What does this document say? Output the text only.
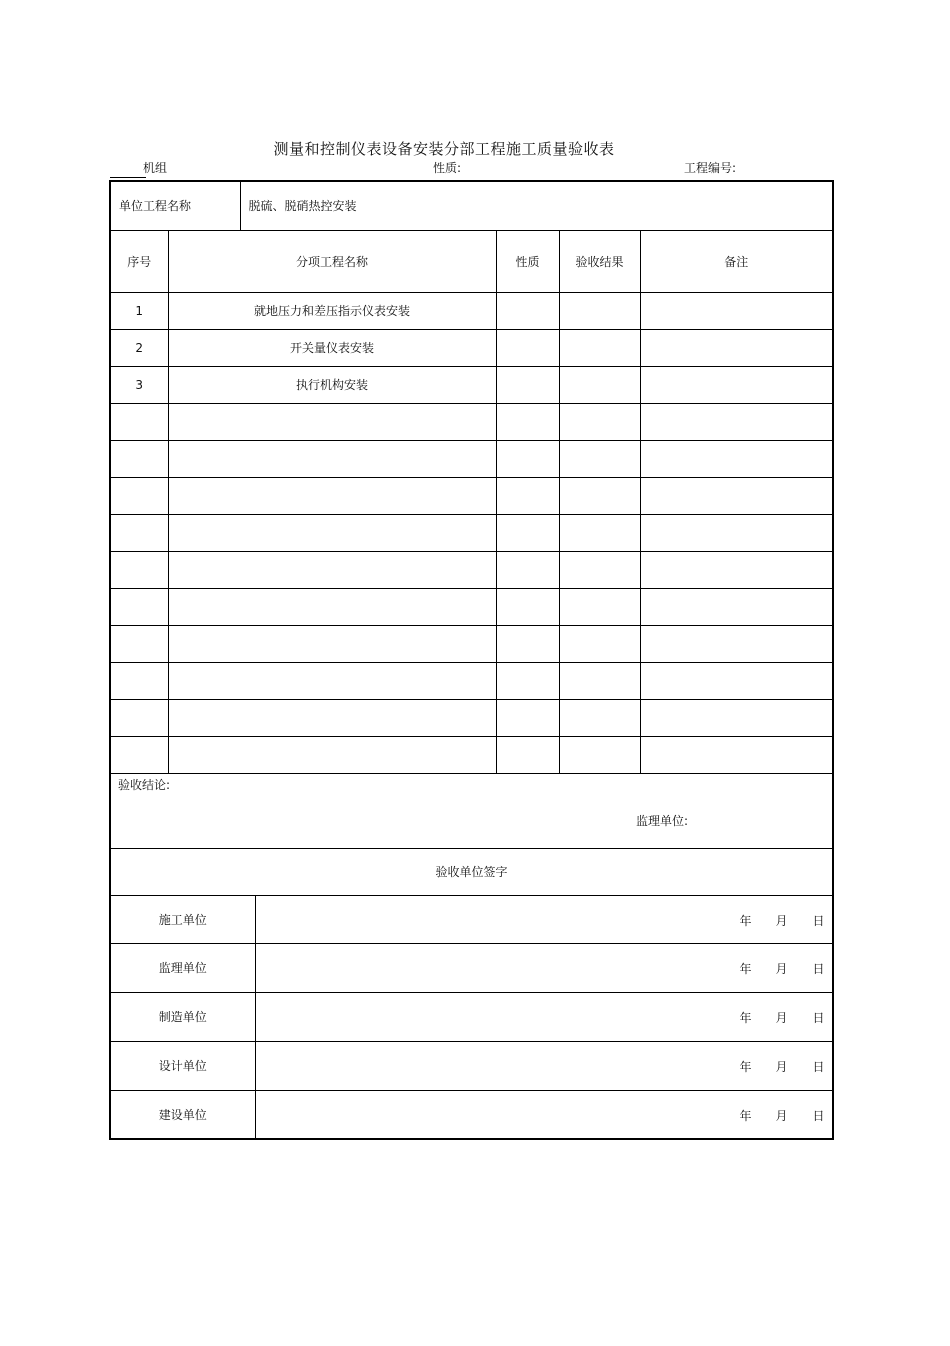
测量和控制仪表设备安装分部工程施工质量验收表
机组	性质:	工程编号:
单位工程名称		脱硫、脱硝热控安装				
序号	分项工程名称			性质	验收结果	备注
1	就地压力和差压指示仪表安装					
2	开关量仪表安装					
3	执行机构安装					

验收结论:
监理单位:						

验收单位签字						
施工单位			年 月 日			

监理单位			年 月 日			

制造单位			年 月 日			

设计单位			年 月 日			

建设单位			年 月 日			
